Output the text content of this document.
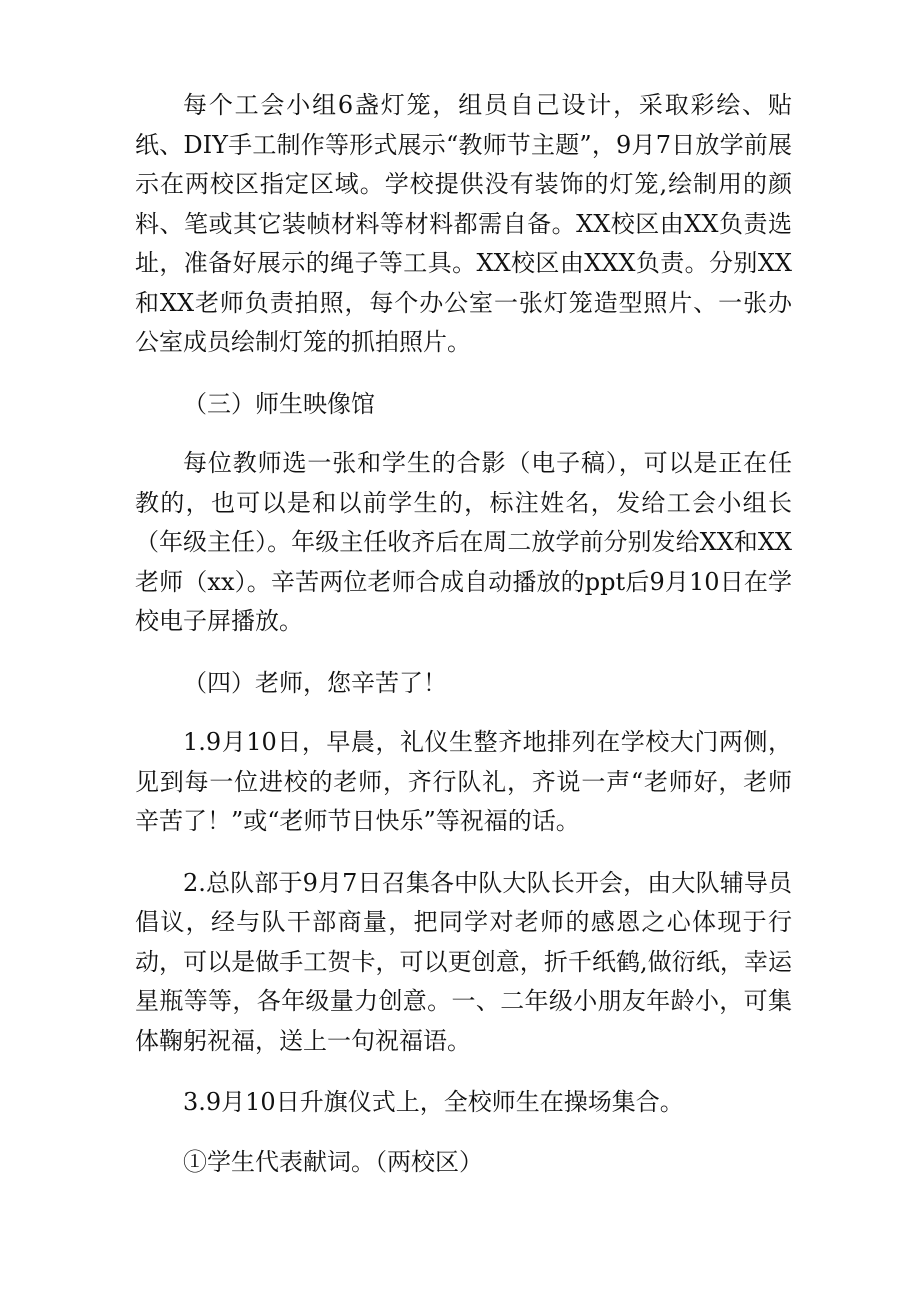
每个工会小组6盏灯笼，组员自己设计，采取彩绘、贴纸、DIY手工制作等形式展示“教师节主题”，9月7日放学前展示在两校区指定区域。学校提供没有装饰的灯笼,绘制用的颜料、笔或其它装帧材料等材料都需自备。XX校区由XX负责选址，准备好展示的绳子等工具。XX校区由XXX负责。分别XX和XX老师负责拍照，每个办公室一张灯笼造型照片、一张办公室成员绘制灯笼的抓拍照片。

（三）师生映像馆

每位教师选一张和学生的合影（电子稿），可以是正在任教的，也可以是和以前学生的，标注姓名，发给工会小组长（年级主任）。年级主任收齐后在周二放学前分别发给XX和XX老师（xx）。辛苦两位老师合成自动播放的ppt后9月10日在学校电子屏播放。

（四）老师，您辛苦了！

1.9月10日，早晨，礼仪生整齐地排列在学校大门两侧，见到每一位进校的老师，齐行队礼，齐说一声“老师好，老师辛苦了！”或“老师节日快乐”等祝福的话。

2.总队部于9月7日召集各中队大队长开会，由大队辅导员倡议，经与队干部商量，把同学对老师的感恩之心体现于行动，可以是做手工贺卡，可以更创意，折千纸鹤,做衍纸，幸运星瓶等等，各年级量力创意。一、二年级小朋友年龄小，可集体鞠躬祝福，送上一句祝福语。

3.9月10日升旗仪式上，全校师生在操场集合。

①学生代表献词。（两校区）
